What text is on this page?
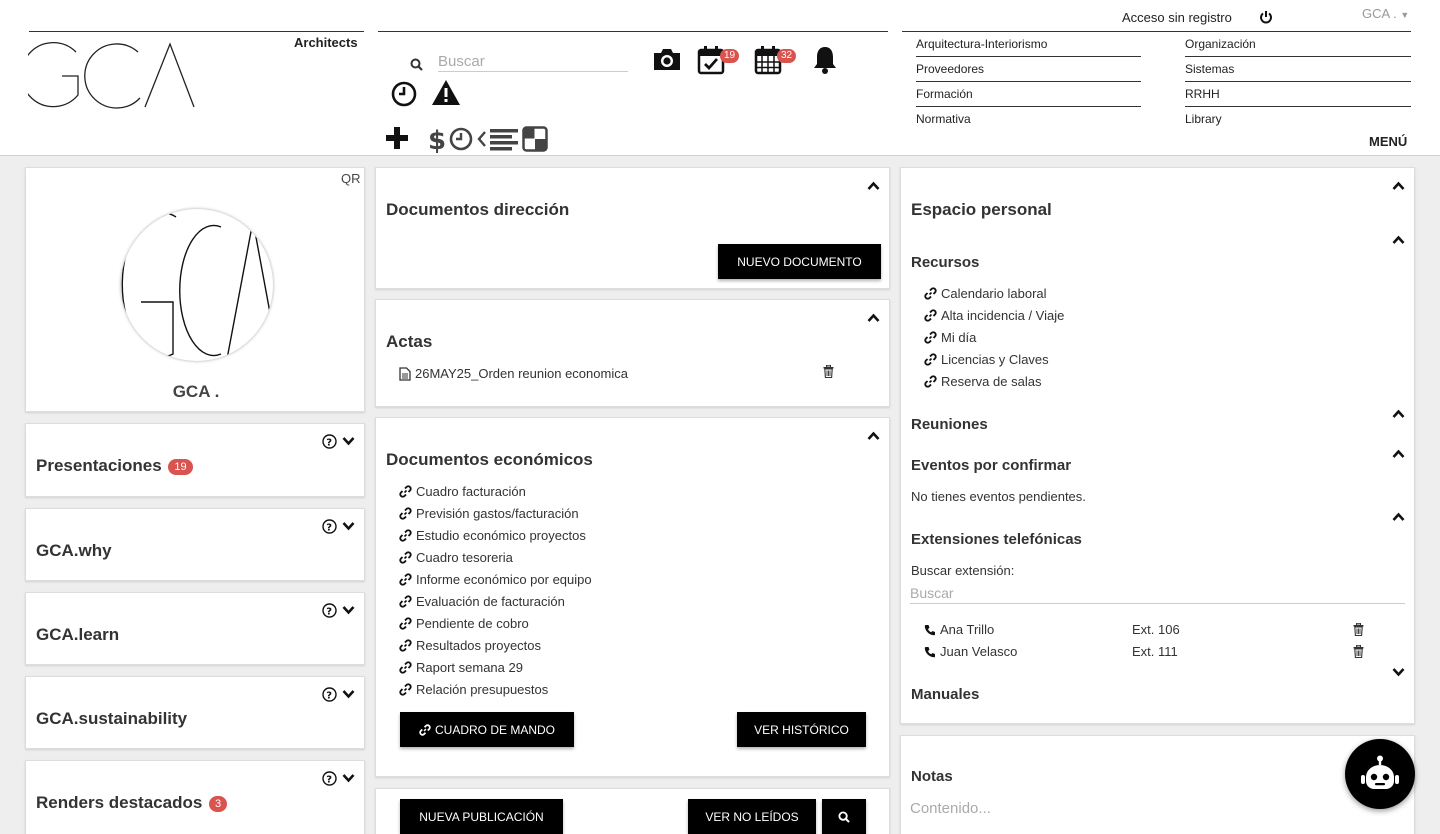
Architects
Buscar
19	32
$
Acceso sin registro	GCA . ▼
Arquitectura-Interiorismo
Proveedores
Formación
Normativa
Organización
Sistemas
RRHH
Library
MENÚ
QR
GCA .
?
Presentaciones 19
?
GCA.why
?
GCA.learn
?
GCA.sustainability
?
Renders destacados 3
Documentos dirección
NUEVO DOCUMENTO
Actas
26MAY25_Orden reunion economica
Documentos económicos
Cuadro facturación
Previsión gastos/facturación
Estudio económico proyectos
Cuadro tesoreria
Informe económico por equipo
Evaluación de facturación
Pendiente de cobro
Resultados proyectos
Raport semana 29
Relación presupuestos
CUADRO DE MANDO	VER HISTÓRICO
NUEVA PUBLICACIÓN	VER NO LEÍDOS
Espacio personal
Recursos
Calendario laboral
Alta incidencia / Viaje
Mi día
Licencias y Claves
Reserva de salas
Reuniones
Eventos por confirmar
No tienes eventos pendientes.
Extensiones telefónicas
Buscar extensión:
Ana Trillo	Ext. 106
Juan Velasco	Ext. 111
Manuales
Buscar
Notas
Contenido...
